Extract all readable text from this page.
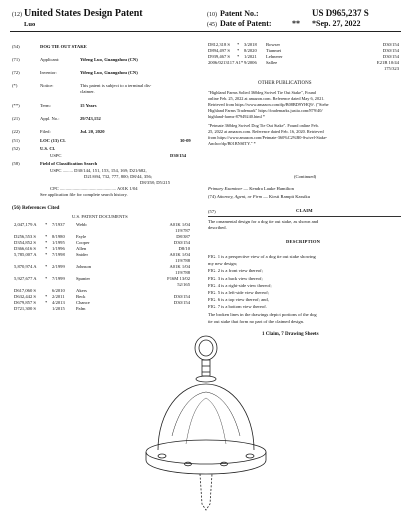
(12) United States Design Patent
Luo
(10) Patent No.:	US D965,237 S
(45) Date of Patent:	** *Sep. 27, 2022
(54)	DOG TIE OUT STAKE
(71)	Applicant:	Yifeng Luo, Guangzhou (CN)
(72)	Inventor:	Yifeng Luo, Guangzhou (CN)
(*)	Notice:	This patent is subject to a terminal dis-
claimer.
(**)	Term:	15 Years
(21)	Appl. No.:	29/743,152
(22)	Filed:	Jul. 20, 2020
(51)	LOC (13) Cl.	30-09
(52)	U.S. Cl.
USPC	D30/154
(58)	Field of Classification Search
USPC ......... D30/144, 151, 153, 154, 169; D21/682,
D21/694, 732, 777, 800; D8/44, 356;
D8/358; D5/215
CPC ................................................. A01K 1/04
See application file for complete search history.
(56) References Cited
U.S. PATENT DOCUMENTS
2,047,179 A * 7/1937 Webb	A01K 1/04
119/787
D256,553 S * 8/1980 Fayle	D8/387
D354,852 S * 1/1995 Cooper	D30/154
D366,616 S * 1/1996 Allen	D8/10
5,785,007 A * 7/1998 Snider	A01K 1/04
119/788
5,870,974 A * 2/1999 Johnson	A01K 1/04
119/788
5,927,677 A * 7/1999 Spanier	F16M 13/02
52/165
D617,060 S	6/2010 Akers
D632,442 S * 2/2011 Beck	D30/154
D679,857 S * 4/2013 Chance	D30/154
D721,300 S	1/2015 Palm
D812,318 S * 3/2018 Bowser	D30/154
D894,497 S * 8/2020 Tianmei	D30/154
D939,467 S * 1/2021 Lehnerer	D30/154
2006/0213117 A1* 9/2006 Sallee	E21B 10/44
175/323
OTHER PUBLICATIONS
"Highland Farms Solied 360deg Swivel Tie Out Stake", Found
online Feb. 25, 2022 at amazon.com. Reference dated May 6, 2021.
Retrieved from https://www.amazon.com/dp/B08BD9YHQ9/. ("Siehe
Highland Farms Trademark" https://trademarks.justia.com/879/40/
highland-farms-87949240.html *
"Petmate 360deg Swivel Dog Tie Out Stake". Found online Feb.
25, 2022 at amazon.com. Reference dated Feb. 16, 2020. Retrieved
from https://www.amazon.com/Petmate-360%C2%B0-Swivel-Stake-
Anchor/dp/B01BNSITY." *
(Continued)
Primary Examiner — Kendra Lauke Hamilton
(74) Attorney, Agent, or Firm — Kirsti Rampit Kassiku
(57)	CLAIM
The ornamental design for a dog tie out stake, as shown and
described.
DESCRIPTION
FIG. 1 is a perspective view of a dog tie out stake showing
my new design;
FIG. 2 is a front view thereof;
FIG. 3 is a back view thereof;
FIG. 4 is a right-side view thereof;
FIG. 5 is a left-side view thereof;
FIG. 6 is a top view thereof; and,
FIG. 7 is a bottom view thereof.
The broken lines in the drawings depict portions of the dog
tie out stake that form no part of the claimed design.
1 Claim, 7 Drawing Sheets
